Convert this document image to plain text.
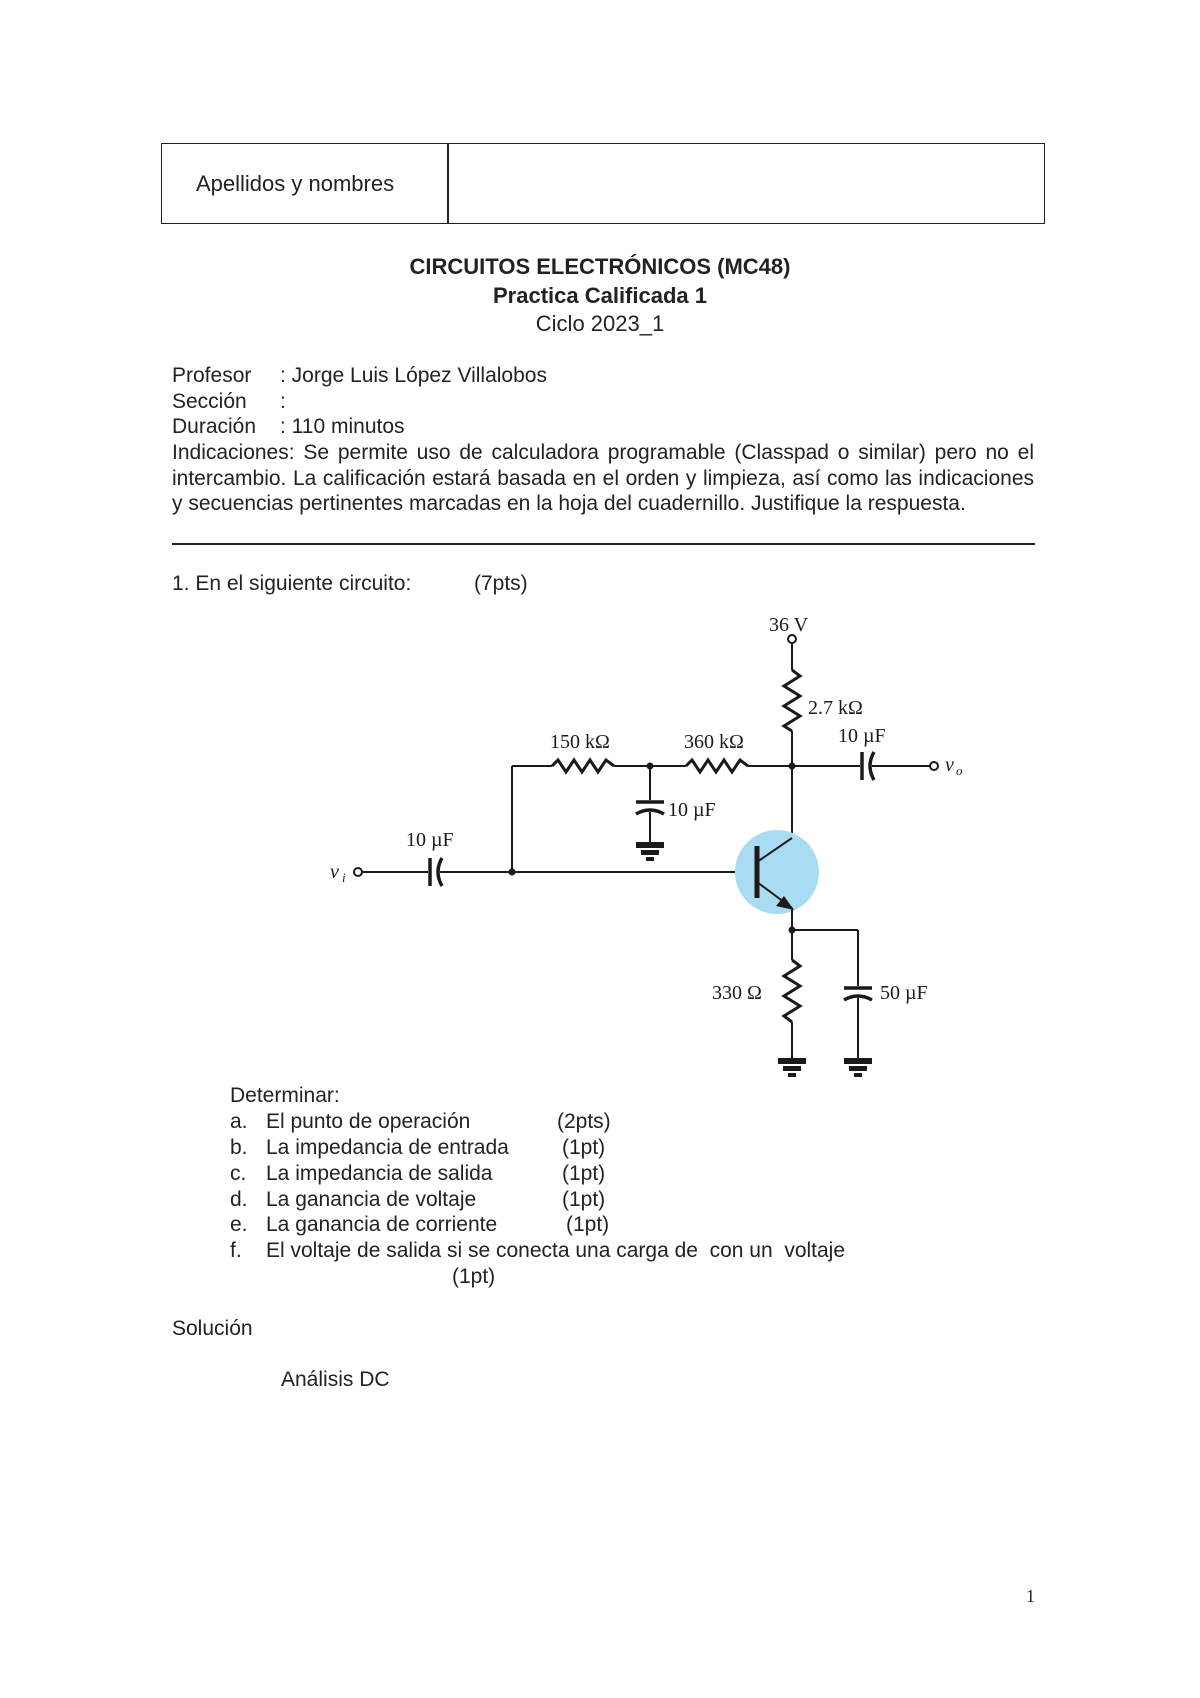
Apellidos y nombres
CIRCUITOS ELECTRÓNICOS (MC48)
Practica Calificada 1
Ciclo 2023_1
Profesor : Jorge Luis López Villalobos
Sección :
Duración : 110 minutos
Indicaciones: Se permite uso de calculadora programable (Classpad o similar) pero no el intercambio. La calificación estará basada en el orden y limpieza, así como las indicaciones y secuencias pertinentes marcadas en la hoja del cuadernillo. Justifique la respuesta.
1. En el siguiente circuito:	(7pts)
36 V
2.7 kΩ
150 kΩ	360 kΩ	10 µF
10 µF
10 µF
330 Ω	50 µF
v i
v o
Determinar:
a. El punto de operación	(2pts)
b. La impedancia de entrada	(1pt)
c. La impedancia de salida	(1pt)
d. La ganancia de voltaje	(1pt)
e. La ganancia de corriente	(1pt)
f. El voltaje de salida si se conecta una carga de  con un  voltaje
(1pt)
Solución
Análisis DC
1
